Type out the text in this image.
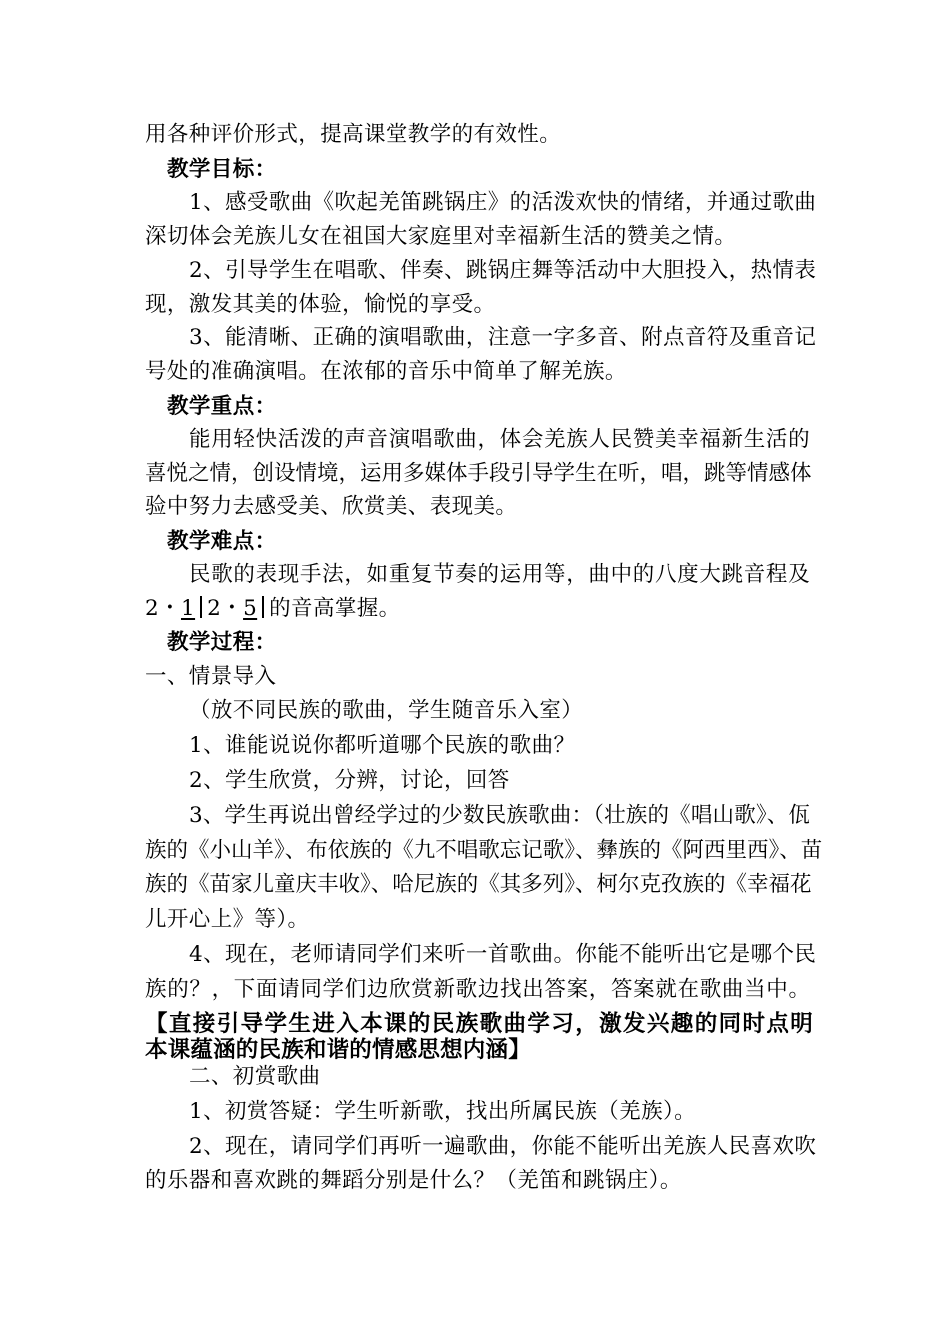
用各种评价形式，提高课堂教学的有效性。
教学目标：
1、感受歌曲《吹起羌笛跳锅庄》的活泼欢快的情绪，并通过歌曲
深切体会羌族儿女在祖国大家庭里对幸福新生活的赞美之情。
2、引导学生在唱歌、伴奏、跳锅庄舞等活动中大胆投入，热情表
现，激发其美的体验，愉悦的享受。
3、能清晰、正确的演唱歌曲，注意一字多音、附点音符及重音记
号处的准确演唱。在浓郁的音乐中简单了解羌族。
教学重点：
能用轻快活泼的声音演唱歌曲，体会羌族人民赞美幸福新生活的
喜悦之情，创设情境，运用多媒体手段引导学生在听，唱，跳等情感体
验中努力去感受美、欣赏美、表现美。
教学难点：
民歌的表现手法，如重复节奏的运用等，曲中的八度大跳音程及
2・1 2・5 的音高掌握。
教学过程：
一、情景导入
（放不同民族的歌曲，学生随音乐入室）
1、谁能说说你都听道哪个民族的歌曲？
2、学生欣赏，分辨，讨论，回答
3、学生再说出曾经学过的少数民族歌曲：（壮族的《唱山歌》、佤
族的《小山羊》、布依族的《九不唱歌忘记歌》、彝族的《阿西里西》、苗
族的《苗家儿童庆丰收》、哈尼族的《其多列》、柯尔克孜族的《幸福花
儿开心上》等）。
4、现在，老师请同学们来听一首歌曲。你能不能听出它是哪个民
族的？，下面请同学们边欣赏新歌边找出答案，答案就在歌曲当中。
【直接引导学生进入本课的民族歌曲学习，激发兴趣的同时点明
本课蕴涵的民族和谐的情感思想内涵】
二、初赏歌曲
1、初赏答疑：学生听新歌，找出所属民族（羌族）。
2、现在，请同学们再听一遍歌曲，你能不能听出羌族人民喜欢吹
的乐器和喜欢跳的舞蹈分别是什么？（羌笛和跳锅庄）。
